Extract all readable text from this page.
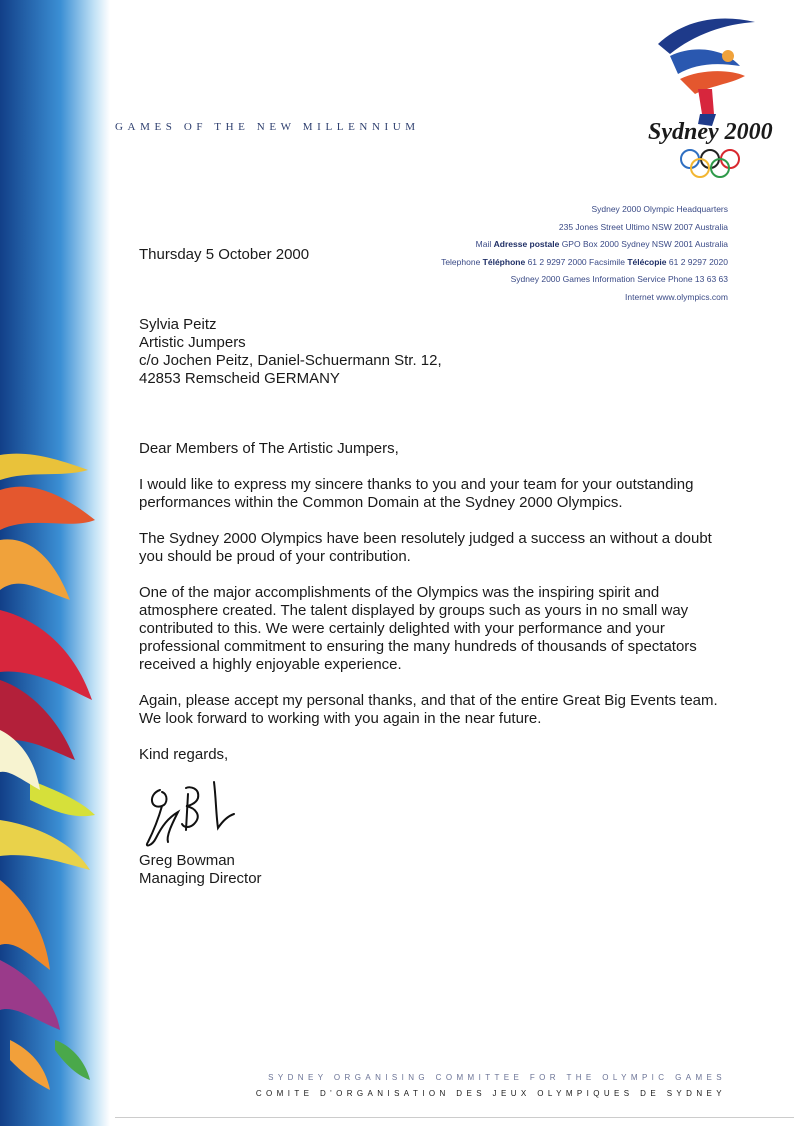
GAMES OF THE NEW MILLENNIUM	Sydney 2000
Sydney 2000 Olympic Headquarters
235 Jones Street Ultimo NSW 2007 Australia
Mail Adresse postale GPO Box 2000 Sydney NSW 2001 Australia
Telephone Téléphone 61 2 9297 2000 Facsimile Télécopie 61 2 9297 2020
Sydney 2000 Games Information Service Phone 13 63 63
Internet www.olympics.com
Thursday 5 October 2000
Sylvia Peitz
Artistic Jumpers
c/o Jochen Peitz, Daniel-Schuermann Str. 12,
42853 Remscheid GERMANY

Dear Members of The Artistic Jumpers,

I would like to express my sincere thanks to you and your team for your outstanding performances within the Common Domain at the Sydney 2000 Olympics.

The Sydney 2000 Olympics have been resolutely judged a success an without a doubt you should be proud of your contribution.

One of the major accomplishments of the Olympics was the inspiring spirit and atmosphere created. The talent displayed by groups such as yours in no small way contributed to this. We were certainly delighted with your performance and your professional commitment to ensuring the many hundreds of thousands of spectators received a highly enjoyable experience.

Again, please accept my personal thanks, and that of the entire Great Big Events team. We look forward to working with you again in the near future.

Kind regards,

Greg Bowman
Managing Director
SYDNEY ORGANISING COMMITTEE FOR THE OLYMPIC GAMES
COMITE D'ORGANISATION DES JEUX OLYMPIQUES DE SYDNEY
